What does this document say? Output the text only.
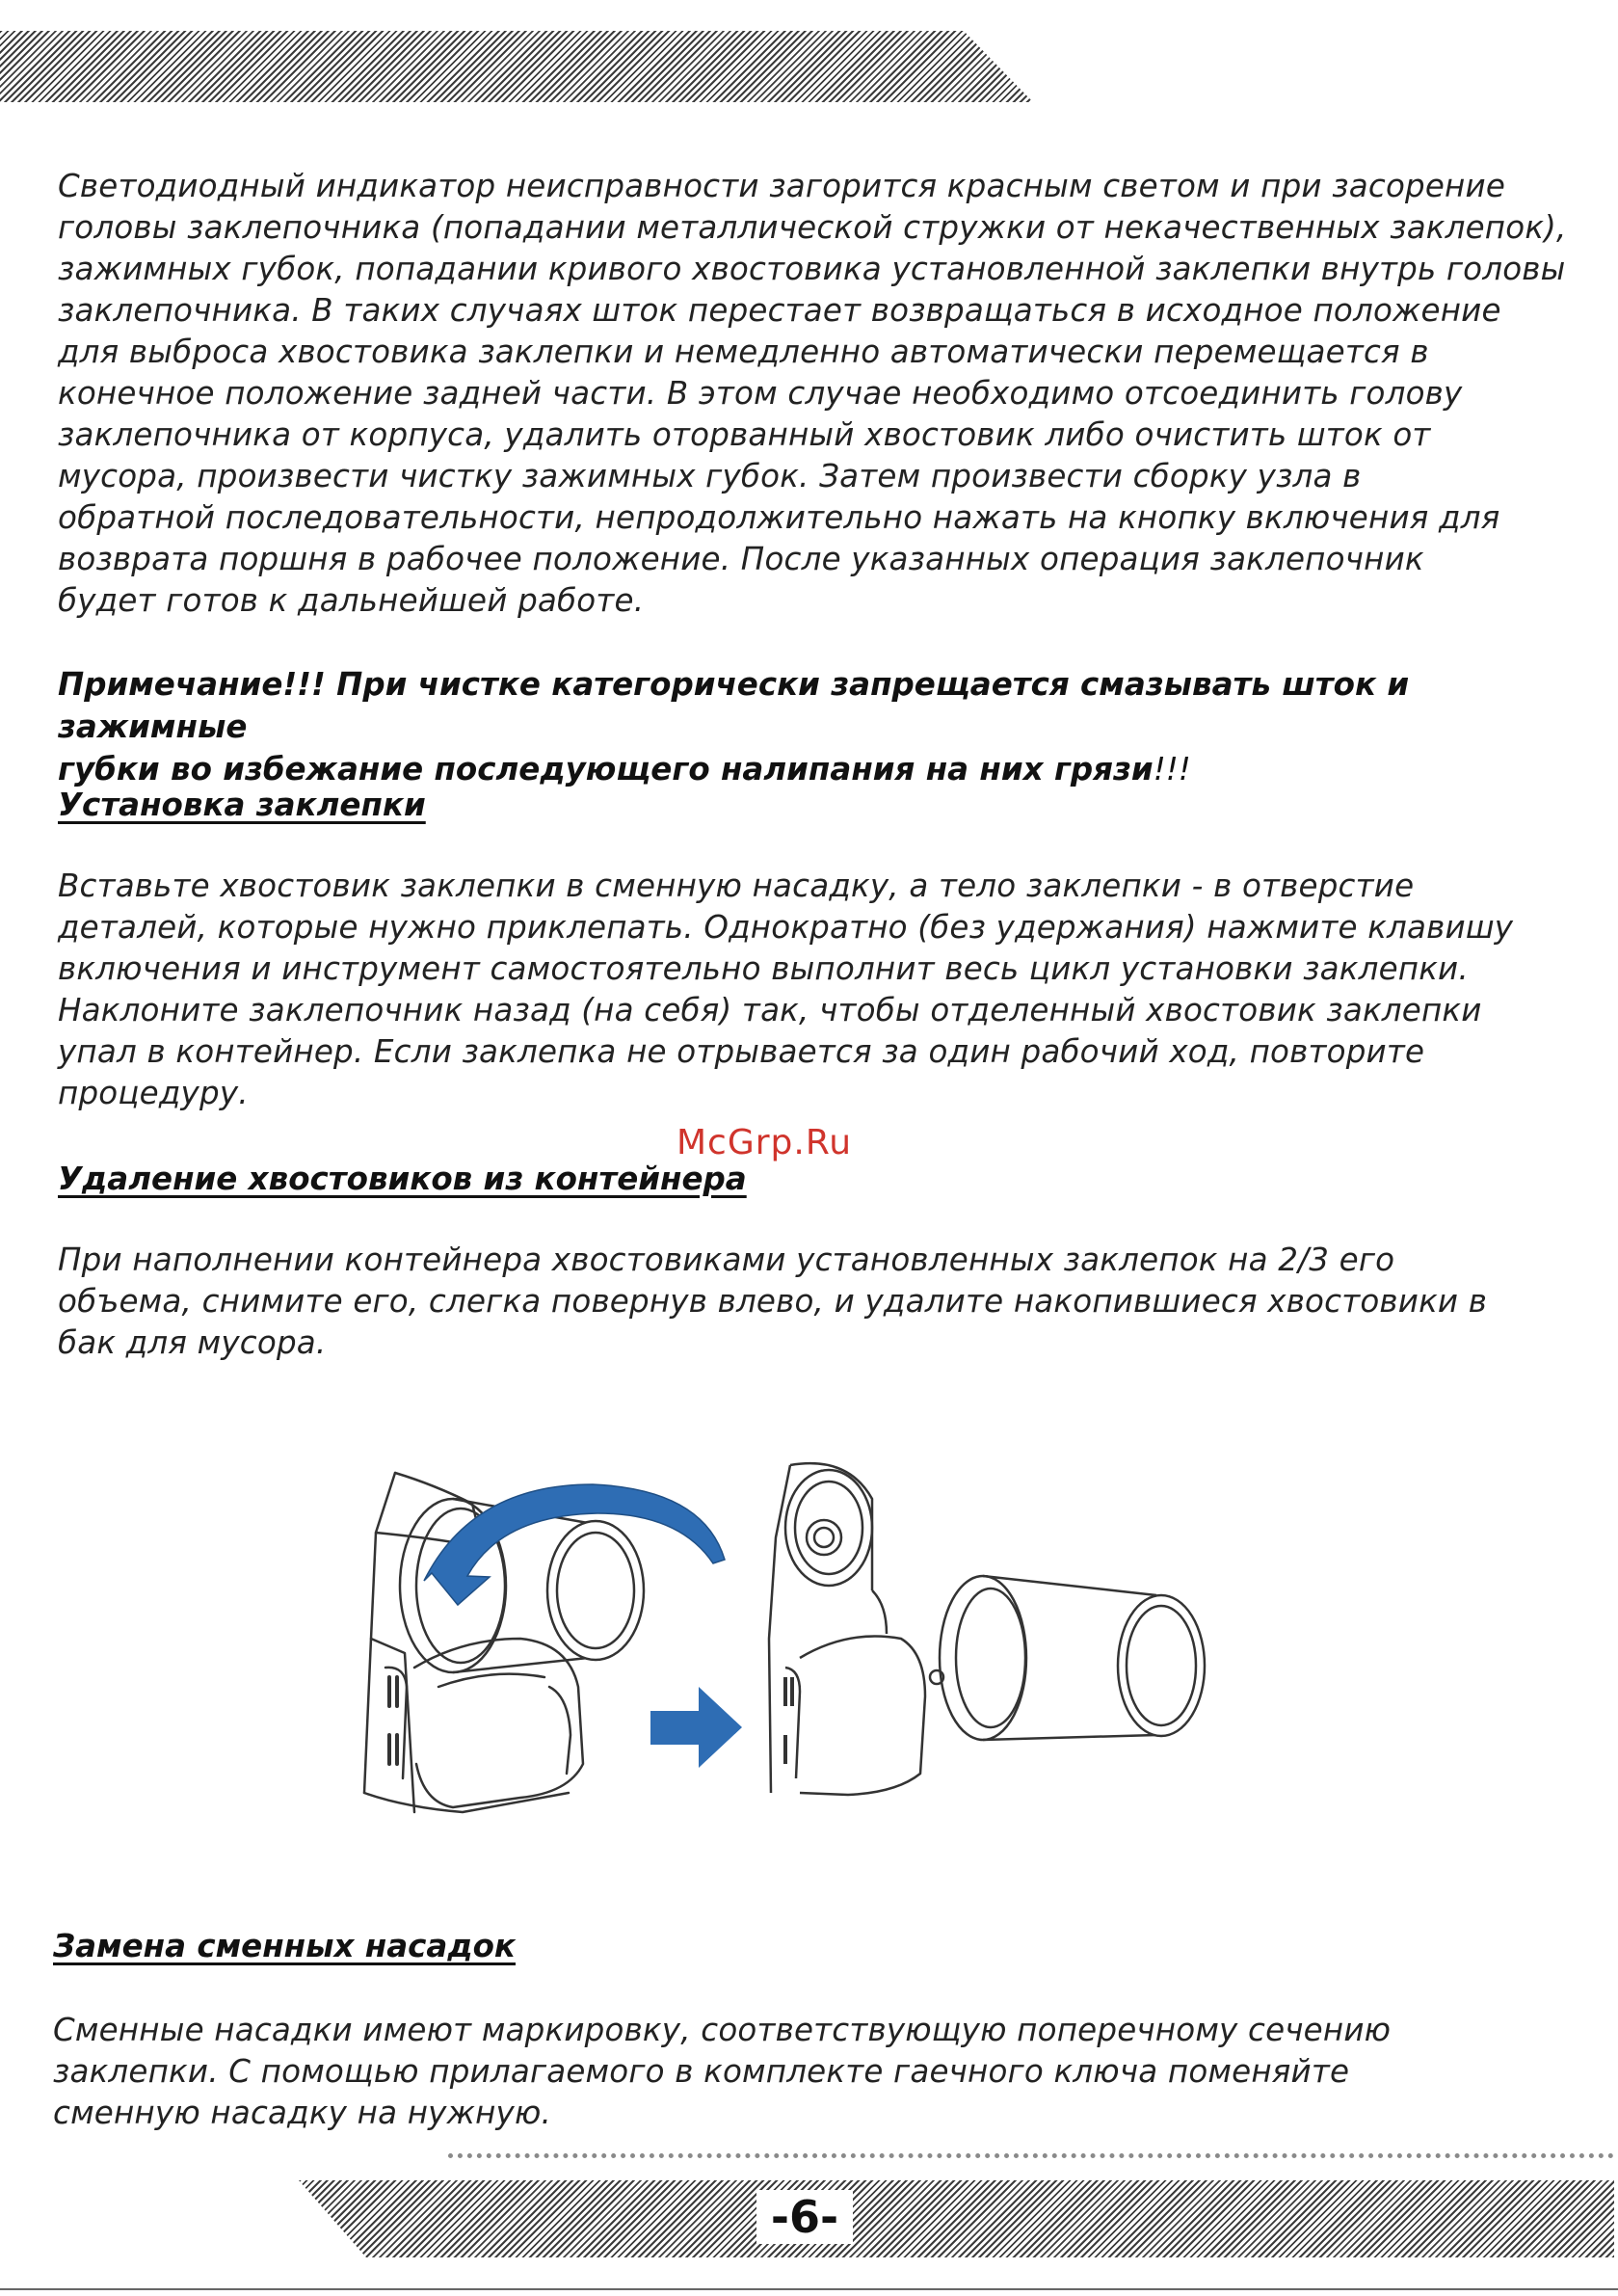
Светодиодный индикатор неисправности загорится красным светом и при засорение
головы заклепочника (попадании металлической стружки от некачественных заклепок),
зажимных губок, попадании кривого хвостовика установленной заклепки внутрь головы
заклепочника. В таких случаях шток перестает возвращаться в исходное положение
для выброса хвостовика заклепки и немедленно автоматически перемещается в
конечное положение задней части. В этом случае необходимо отсоединить голову
заклепочника от корпуса, удалить оторванный хвостовик либо очистить шток от
мусора, произвести чистку зажимных губок. Затем произвести сборку узла в
обратной последовательности, непродолжительно нажать на кнопку включения для
возврата поршня в рабочее положение. После указанных операция заклепочник
будет готов к дальнейшей работе.

Примечание!!! При чистке категорически запрещается смазывать шток и зажимные
губки во избежание последующего налипания на них грязи!!!

Установка заклепки

Вставьте хвостовик заклепки в сменную насадку, а тело заклепки - в отверстие
деталей, которые нужно приклепать. Однократно (без удержания) нажмите клавишу
включения и инструмент самостоятельно выполнит весь цикл установки заклепки.
Наклоните заклепочник назад (на себя) так, чтобы отделенный хвостовик заклепки
упал в контейнер. Если заклепка не отрывается за один рабочий ход, повторите
процедуру.

McGrp.Ru
Удаление хвостовиков из контейнера

При наполнении контейнера хвостовиками установленных заклепок на 2/3 его
объема, снимите его, слегка повернув влево, и удалите накопившиеся хвостовики в
бак для мусора.

Замена сменных насадок

Сменные насадки имеют маркировку, соответствующую поперечному сечению
заклепки. С помощью прилагаемого в комплекте гаечного ключа поменяйте
сменную насадку на нужную.

-6-
